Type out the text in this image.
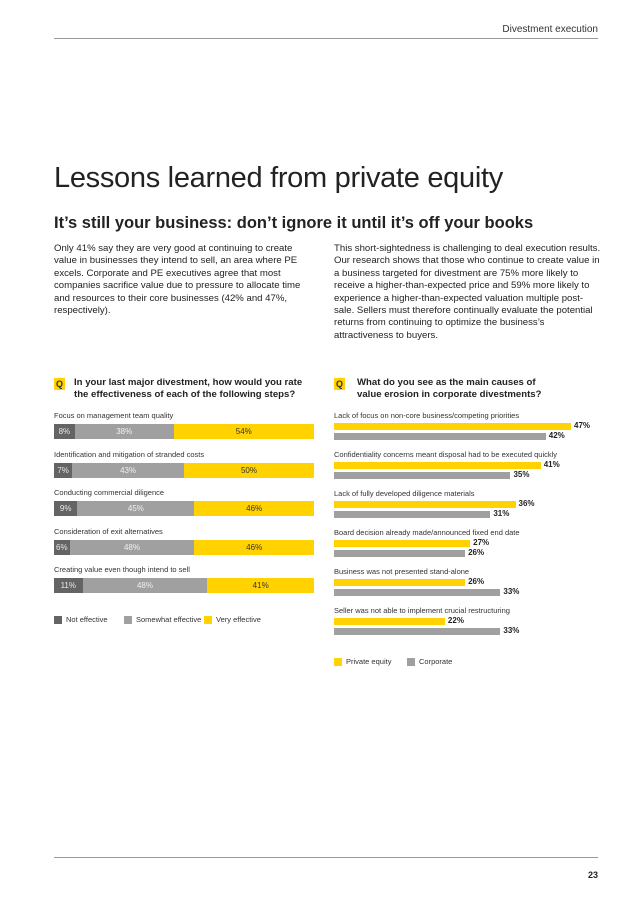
Divestment execution
Lessons learned from private equity
It’s still your business: don’t ignore it until it’s off your books

Only 41% say they are very good at continuing to create value in businesses they intend to sell, an area where PE excels. Corporate and PE executives agree that most companies sacrifice value due to pressure to allocate time and resources to their core businesses (42% and 47%, respectively).

This short-sightedness is challenging to deal execution results. Our research shows that those who continue to create value in a business targeted for divestment are 75% more likely to receive a higher-than-expected price and 59% more likely to experience a higher-than-expected valuation multiple post-sale. Sellers must therefore continually evaluate the potential returns from continuing to optimize the business’s attractiveness to buyers.

Q In your last major divestment, how would you rate the effectiveness of each of the following steps?
Focus on management team quality
8%	38%	54%
Identification and mitigation of stranded costs
7%	43%	50%
Conducting commercial diligence
9%	45%	46%
Consideration of exit alternatives
6%	48%	46%
Creating value even though intend to sell
11%	48%	41%
Not effective	Somewhat effective Very effective
Q What do you see as the main causes of value erosion in corporate divestments?
Lack of focus on non-core business/competing priorities
47%
42%
Confidentiality concerns meant disposal had to be executed quickly
41%
35%
Lack of fully developed diligence materials
36%
31%
Board decision already made/announced fixed end date
27%
26%
Business was not presented stand-alone
26%
33%
Seller was not able to implement crucial restructuring
22%
33%
Private equity	Corporate
23
